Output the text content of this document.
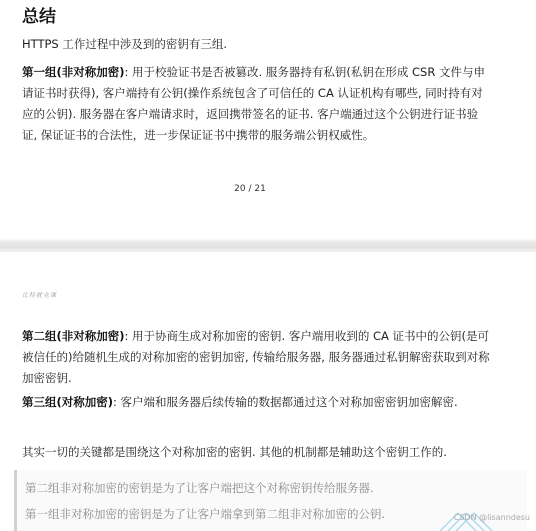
总结

HTTPS 工作过程中涉及到的密钥有三组.

第一组(非对称加密): 用于校验证书是否被篡改. 服务器持有私钥(私钥在形成 CSR 文件与申请证书时获得), 客户端持有公钥(操作系统包含了可信任的 CA 认证机构有哪些, 同时持有对应的公钥). 服务器在客户端请求时，返回携带签名的证书. 客户端通过这个公钥进行证书验证, 保证证书的合法性，进一步保证证书中携带的服务端公钥权威性。

20 / 21
比特就业课

第二组(非对称加密): 用于协商生成对称加密的密钥. 客户端用收到的 CA 证书中的公钥(是可被信任的)给随机生成的对称加密的密钥加密, 传输给服务器, 服务器通过私钥解密获取到对称加密密钥.

第三组(对称加密): 客户端和服务器后续传输的数据都通过这个对称加密密钥加密解密.

其实一切的关键都是围绕这个对称加密的密钥. 其他的机制都是辅助这个密钥工作的.

第二组非对称加密的密钥是为了让客户端把这个对称密钥传给服务器.

第一组非对称加密的密钥是为了让客户端拿到第二组非对称加密的公钥.	CSDN @lisanndesu
